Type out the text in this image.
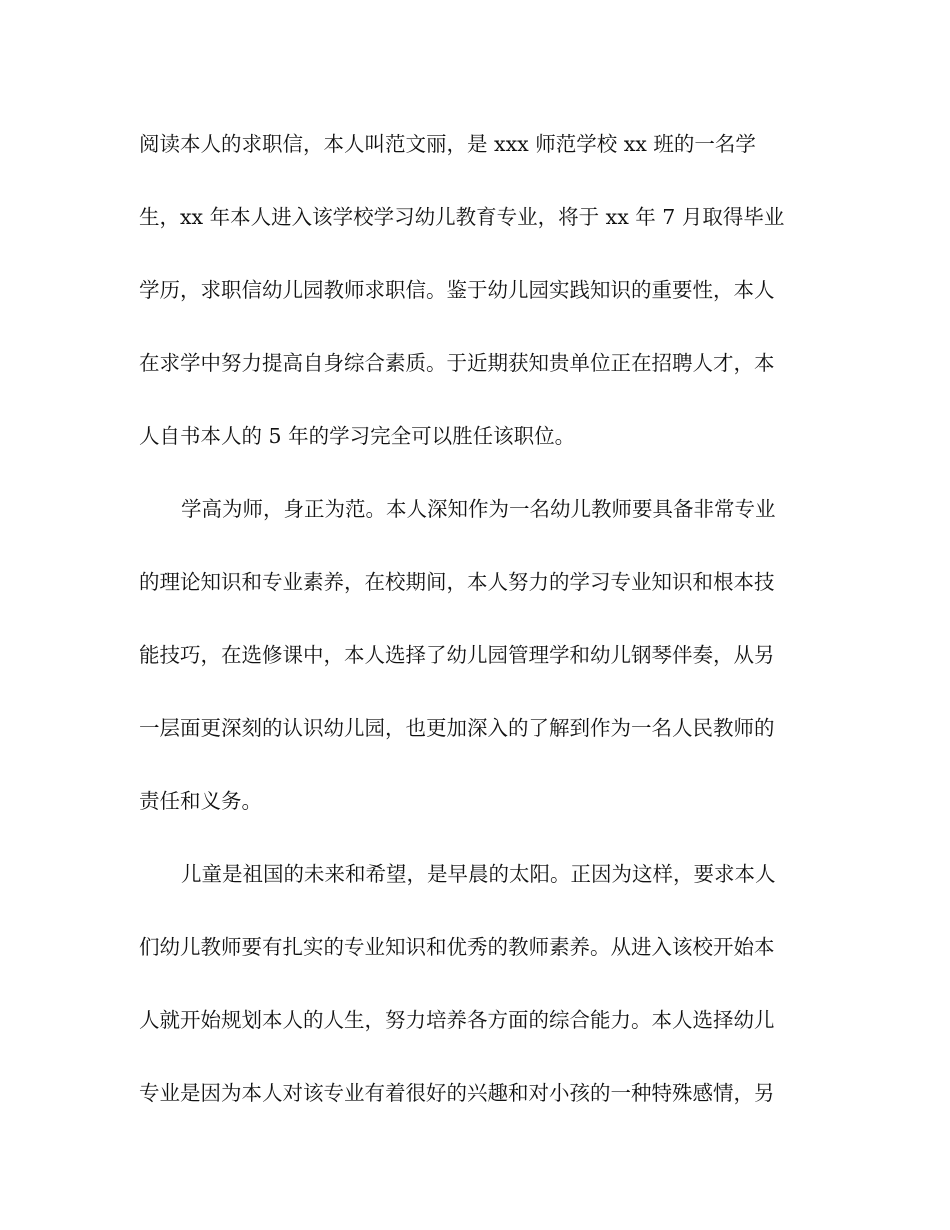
阅读本人的求职信，本人叫范文丽，是 xxx 师范学校 xx 班的一名学
生，xx 年本人进入该学校学习幼儿教育专业，将于 xx 年 7 月取得毕业
学历，求职信幼儿园教师求职信。鉴于幼儿园实践知识的重要性，本人
在求学中努力提高自身综合素质。于近期获知贵单位正在招聘人才，本
人自书本人的 5 年的学习完全可以胜任该职位。
学高为师，身正为范。本人深知作为一名幼儿教师要具备非常专业
的理论知识和专业素养，在校期间，本人努力的学习专业知识和根本技
能技巧，在选修课中，本人选择了幼儿园管理学和幼儿钢琴伴奏，从另
一层面更深刻的认识幼儿园，也更加深入的了解到作为一名人民教师的
责任和义务。
儿童是祖国的未来和希望，是早晨的太阳。正因为这样，要求本人
们幼儿教师要有扎实的专业知识和优秀的教师素养。从进入该校开始本
人就开始规划本人的人生，努力培养各方面的综合能力。本人选择幼儿
专业是因为本人对该专业有着很好的兴趣和对小孩的一种特殊感情，另
